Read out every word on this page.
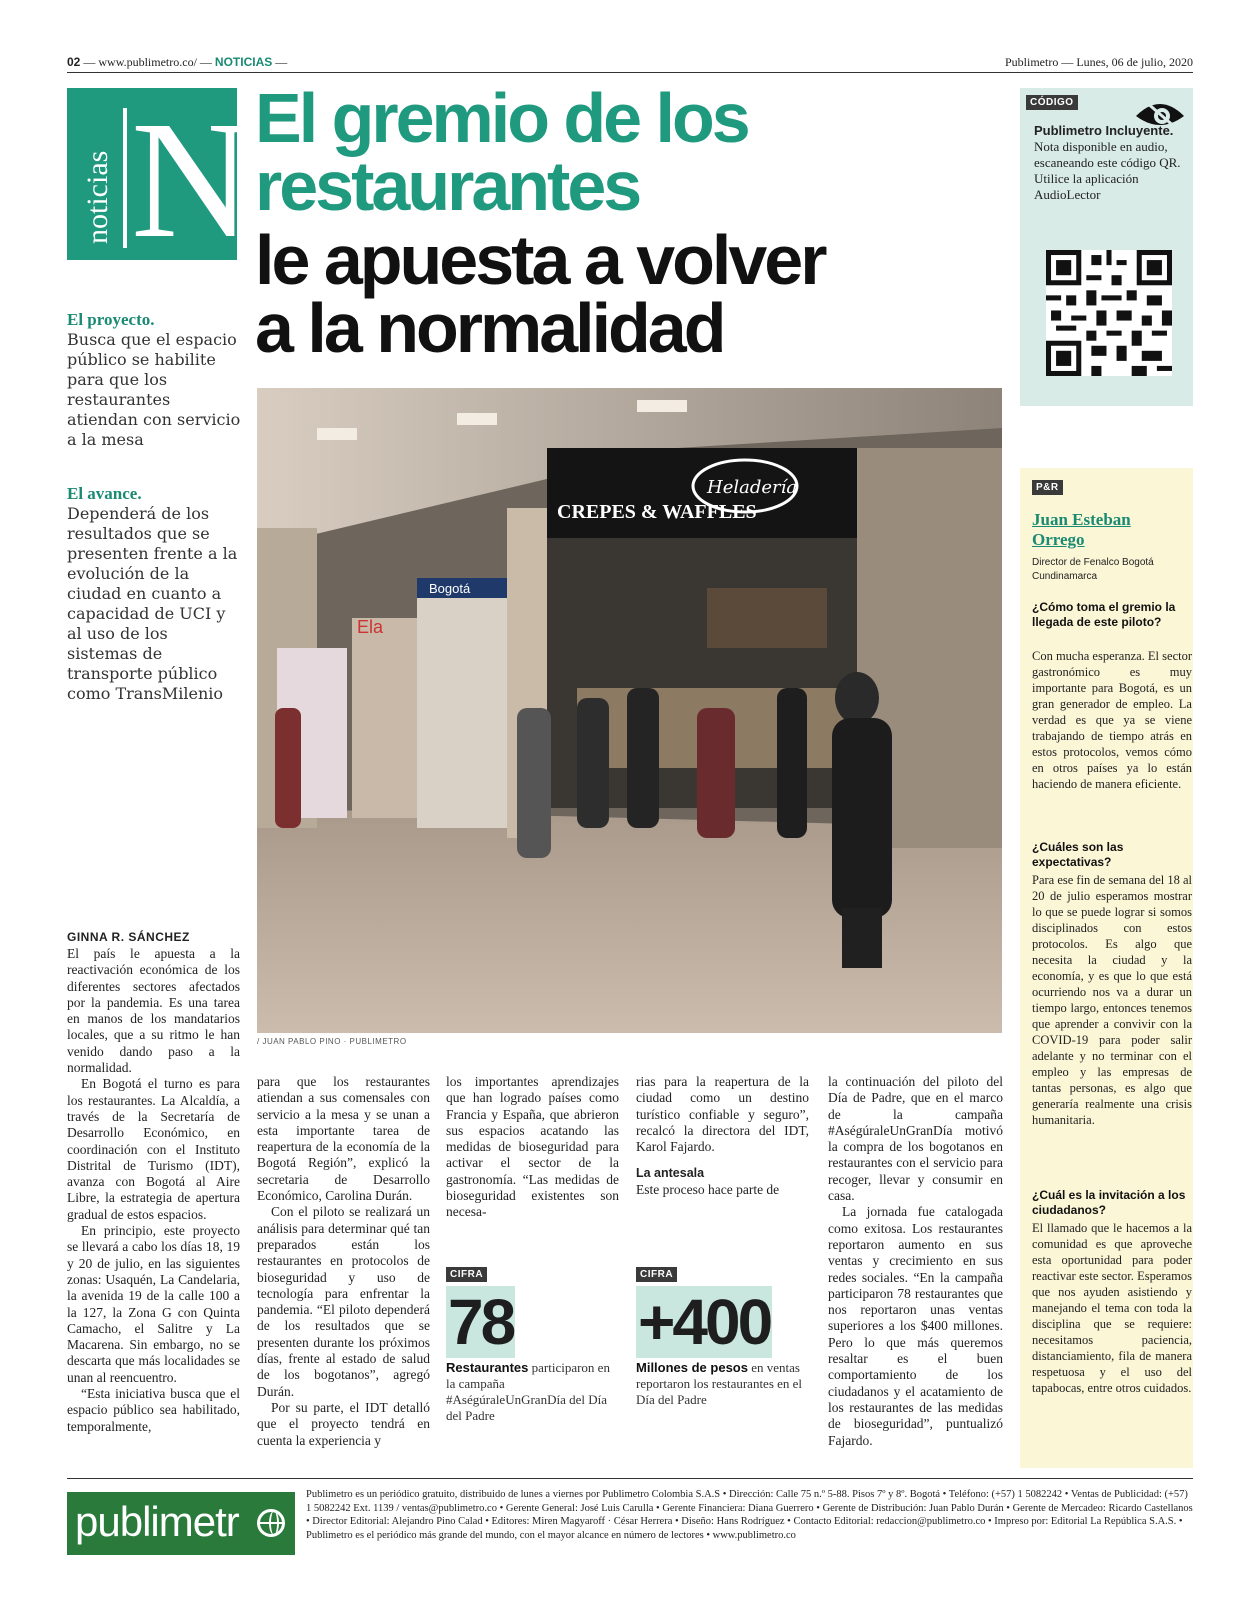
02 — www.publimetro.co/ — NOTICIAS —	Publimetro — Lunes, 06 de julio, 2020
noticias N El gremio de los
restaurantes
le apuesta a volver
a la normalidad
El proyecto.
Busca que el espacio público se habilite para que los restaurantes atiendan con servicio a la mesa
El avance.
Dependerá de los resultados que se presenten frente a la evolución de la ciudad en cuanto a capacidad de UCI y al uso de los sistemas de transporte público como TransMilenio
Bogotá
Ela
CREPES & WAFFLES
Heladería
/ JUAN PABLO PINO · PUBLIMETRO
CÓDIGO
Publimetro Incluyente. Nota disponible en audio, escaneando este código QR. Utilice la aplicación AudioLector
P&R
Juan Esteban Orrego
Director de Fenalco Bogotá Cundinamarca
¿Cómo toma el gremio la llegada de este piloto?
Con mucha esperanza. El sector gastronómico es muy importante para Bogotá, es un gran generador de empleo. La verdad es que ya se viene trabajando de tiempo atrás en estos protocolos, vemos cómo en otros países ya lo están haciendo de manera eficiente.
¿Cuáles son las expectativas?
Para ese fin de semana del 18 al 20 de julio esperamos mostrar lo que se puede lograr si somos disciplinados con estos protocolos. Es algo que necesita la ciudad y la economía, y es que lo que está ocurriendo nos va a durar un tiempo largo, entonces tenemos que aprender a convivir con la COVID-19 para poder salir adelante y no terminar con el empleo y las empresas de tantas personas, es algo que generaría realmente una crisis humanitaria.
¿Cuál es la invitación a los ciudadanos?
El llamado que le hacemos a la comunidad es que aproveche esta oportunidad para poder reactivar este sector. Esperamos que nos ayuden asistiendo y manejando el tema con toda la disciplina que se requiere: necesitamos paciencia, distanciamiento, fila de manera respetuosa y el uso del tapabocas, entre otros cuidados.
GINNA R. SÁNCHEZ

El país le apuesta a la reactivación económica de los diferentes sectores afectados por la pandemia. Es una tarea en manos de los mandatarios locales, que a su ritmo le han venido dando paso a la normalidad.

En Bogotá el turno es para los restaurantes. La Alcaldía, a través de la Secretaría de Desarrollo Económico, en coordinación con el Instituto Distrital de Turismo (IDT), avanza con Bogotá al Aire Libre, la estrategia de apertura gradual de estos espacios.

En principio, este proyecto se llevará a cabo los días 18, 19 y 20 de julio, en las siguientes zonas: Usaquén, La Candelaria, la avenida 19 de la calle 100 a la 127, la Zona G con Quinta Camacho, el Salitre y La Macarena. Sin embargo, no se descarta que más localidades se unan al reencuentro.

“Esta iniciativa busca que el espacio público sea habilitado, temporalmente,

para que los restaurantes atiendan a sus comensales con servicio a la mesa y se unan a esta importante tarea de reapertura de la economía de la Bogotá Región”, explicó la secretaria de Desarrollo Económico, Carolina Durán.

Con el piloto se realizará un análisis para determinar qué tan preparados están los restaurantes en protocolos de bioseguridad y uso de tecnología para enfrentar la pandemia. “El piloto dependerá de los resultados que se presenten durante los próximos días, frente al estado de salud de los bogotanos”, agregó Durán.

Por su parte, el IDT detalló que el proyecto tendrá en cuenta la experiencia y

los importantes aprendizajes que han logrado países como Francia y España, que abrieron sus espacios acatando las medidas de bioseguridad para activar el sector de la gastronomía. “Las medidas de bioseguridad existentes son necesa-

rias para la reapertura de la ciudad como un destino turístico confiable y seguro”, recalcó la directora del IDT, Karol Fajardo.

La antesala

Este proceso hace parte de

la continuación del piloto del Día de Padre, que en el marco de la campaña #AségúraleUnGranDía motivó la compra de los bogotanos en restaurantes con el servicio para recoger, llevar y consumir en casa.

La jornada fue catalogada como exitosa. Los restaurantes reportaron aumento en sus ventas y crecimiento en sus redes sociales. “En la campaña participaron 78 restaurantes que nos reportaron unas ventas superiores a los $400 millones. Pero lo que más queremos resaltar es el buen comportamiento de los ciudadanos y el acatamiento de los restaurantes de las medidas de bioseguridad”, puntualizó Fajardo.

CIFRA
78
Restaurantes participaron en la campaña #AségúraleUnGranDía del Día del Padre
CIFRA
+400
Millones de pesos en ventas reportaron los restaurantes en el Día del Padre
publimetr
Publimetro es un periódico gratuito, distribuido de lunes a viernes por Publimetro Colombia S.A.S • Dirección: Calle 75 n.º 5-88. Pisos 7º y 8º. Bogotá • Teléfono: (+57) 1 5082242 • Ventas de Publicidad: (+57) 1 5082242 Ext. 1139 / ventas@publimetro.co • Gerente General: José Luis Carulla • Gerente Financiera: Diana Guerrero • Gerente de Distribución: Juan Pablo Durán • Gerente de Mercadeo: Ricardo Castellanos • Director Editorial: Alejandro Pino Calad • Editores: Miren Magyaroff · César Herrera • Diseño: Hans Rodríguez • Contacto Editorial: redaccion@publimetro.co • Impreso por: Editorial La República S.A.S. • Publimetro es el periódico más grande del mundo, con el mayor alcance en número de lectores • www.publimetro.co
